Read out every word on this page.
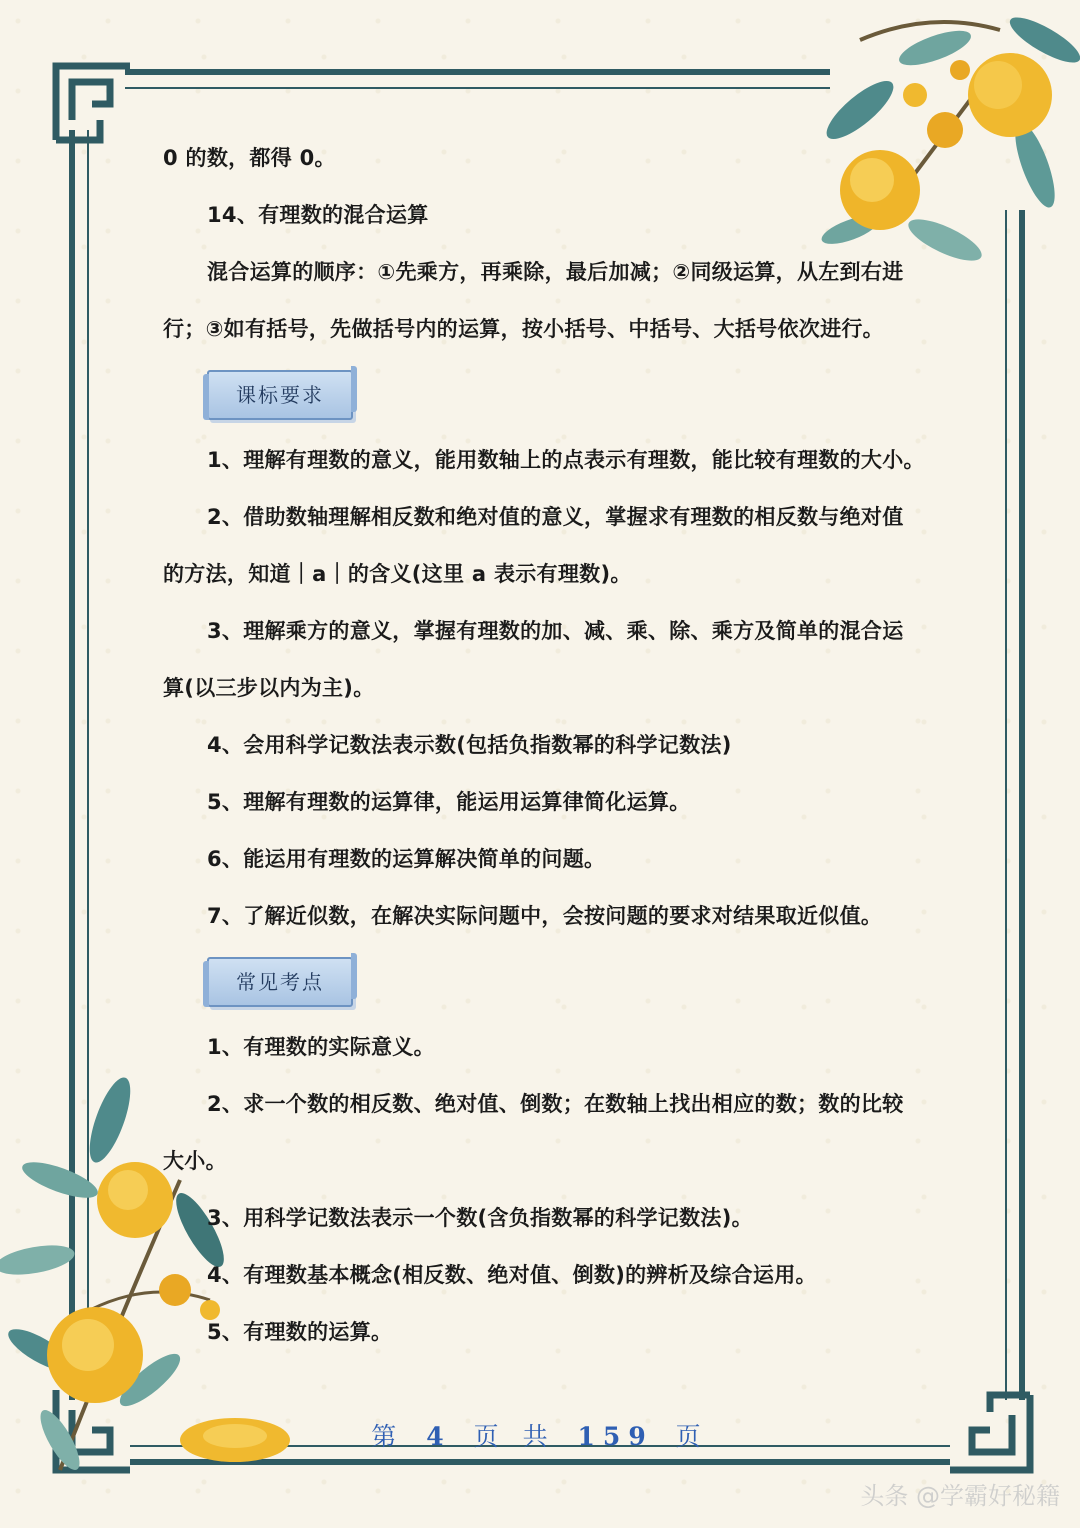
0 的数，都得 0。
14、有理数的混合运算
混合运算的顺序：①先乘方，再乘除，最后加减；②同级运算，从左到右进
行；③如有括号，先做括号内的运算，按小括号、中括号、大括号依次进行。
课标要求
1、理解有理数的意义，能用数轴上的点表示有理数，能比较有理数的大小。
2、借助数轴理解相反数和绝对值的意义，掌握求有理数的相反数与绝对值
的方法，知道｜a｜的含义(这里 a 表示有理数)。
3、理解乘方的意义，掌握有理数的加、减、乘、除、乘方及简单的混合运
算(以三步以内为主)。
4、会用科学记数法表示数(包括负指数幂的科学记数法)
5、理解有理数的运算律，能运用运算律简化运算。
6、能运用有理数的运算解决简单的问题。
7、了解近似数，在解决实际问题中，会按问题的要求对结果取近似值。
常见考点
1、有理数的实际意义。
2、求一个数的相反数、绝对值、倒数；在数轴上找出相应的数；数的比较
大小。
3、用科学记数法表示一个数(含负指数幂的科学记数法)。
4、有理数基本概念(相反数、绝对值、倒数)的辨析及综合运用。
5、有理数的运算。
第 4 页 共 159 页
头条 @学霸好秘籍
